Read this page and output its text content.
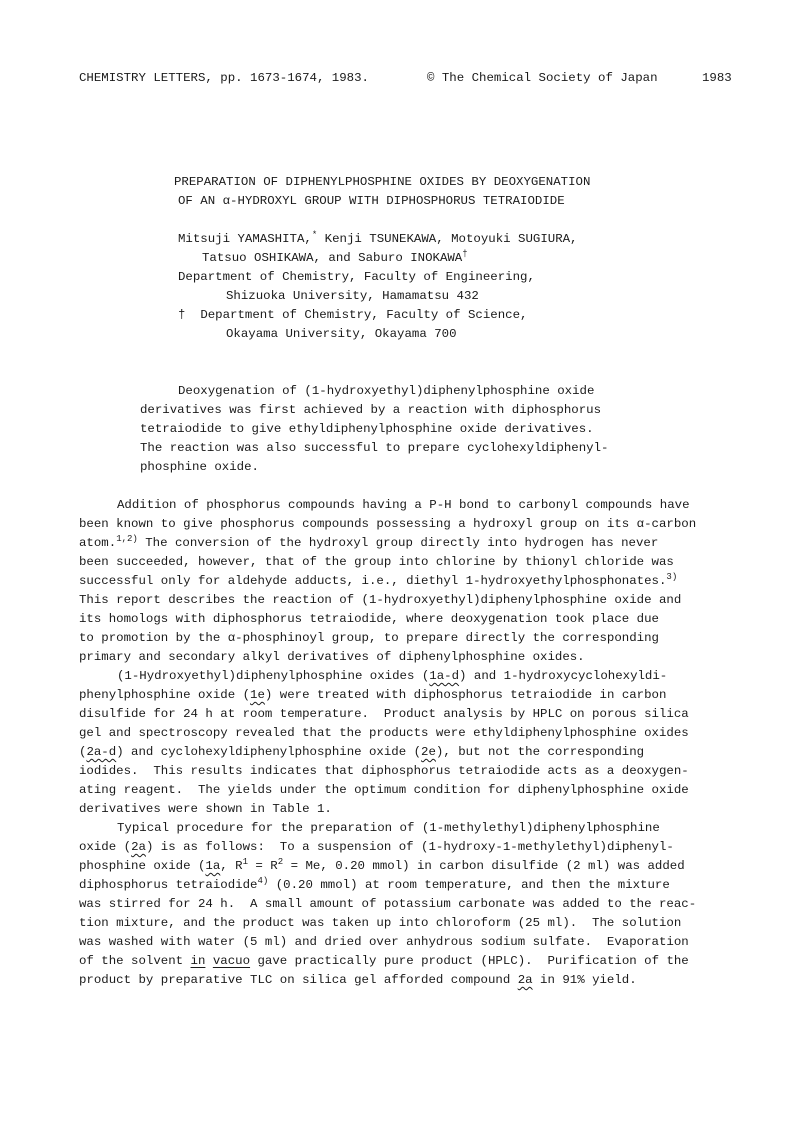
CHEMISTRY LETTERS, pp. 1673-1674, 1983.	© The Chemical Society of Japan	1983
PREPARATION OF DIPHENYLPHOSPHINE OXIDES BY DEOXYGENATION
OF AN α-HYDROXYL GROUP WITH DIPHOSPHORUS TETRAIODIDE
Mitsuji YAMASHITA,* Kenji TSUNEKAWA, Motoyuki SUGIURA,
Tatsuo OSHIKAWA, and Saburo INOKAWA†
Department of Chemistry, Faculty of Engineering,
Shizuoka University, Hamamatsu 432
† Department of Chemistry, Faculty of Science,
Okayama University, Okayama 700
Deoxygenation of (1-hydroxyethyl)diphenylphosphine oxide
derivatives was first achieved by a reaction with diphosphorus
tetraiodide to give ethyldiphenylphosphine oxide derivatives.
The reaction was also successful to prepare cyclohexyldiphenyl-
phosphine oxide.
Addition of phosphorus compounds having a P-H bond to carbonyl compounds have
been known to give phosphorus compounds possessing a hydroxyl group on its α-carbon
atom.$^{1,2)}$ The conversion of the hydroxyl group directly into hydrogen has never
been succeeded, however, that of the group into chlorine by thionyl chloride was
successful only for aldehyde adducts, i.e., diethyl 1-hydroxyethylphosphonates.$^{3)}$
This report describes the reaction of (1-hydroxyethyl)diphenylphosphine oxide and
its homologs with diphosphorus tetraiodide, where deoxygenation took place due
to promotion by the α-phosphinoyl group, to prepare directly the corresponding
primary and secondary alkyl derivatives of diphenylphosphine oxides.
(1-Hydroxyethyl)diphenylphosphine oxides (1a-d) and 1-hydroxycyclohexyldi-
phenylphosphine oxide (1e) were treated with diphosphorus tetraiodide in carbon
disulfide for 24 h at room temperature.  Product analysis by HPLC on porous silica
gel and spectroscopy revealed that the products were ethyldiphenylphosphine oxides
(2a-d) and cyclohexyldiphenylphosphine oxide (2e), but not the corresponding
iodides.  This results indicates that diphosphorus tetraiodide acts as a deoxygen-
ating reagent.  The yields under the optimum condition for diphenylphosphine oxide
derivatives were shown in Table 1.
Typical procedure for the preparation of (1-methylethyl)diphenylphosphine
oxide (2a) is as follows:  To a suspension of (1-hydroxy-1-methylethyl)diphenyl-
phosphine oxide (1a, $R^1 = R^2 = Me$, 0.20 mmol) in carbon disulfide (2 ml) was added
diphosphorus tetraiodide$^{4)}$ (0.20 mmol) at room temperature, and then the mixture
was stirred for 24 h.  A small amount of potassium carbonate was added to the reac-
tion mixture, and the product was taken up into chloroform (25 ml).  The solution
was washed with water (5 ml) and dried over anhydrous sodium sulfate.  Evaporation
of the solvent in vacuo gave practically pure product (HPLC).  Purification of the
product by preparative TLC on silica gel afforded compound 2a in 91% yield.
